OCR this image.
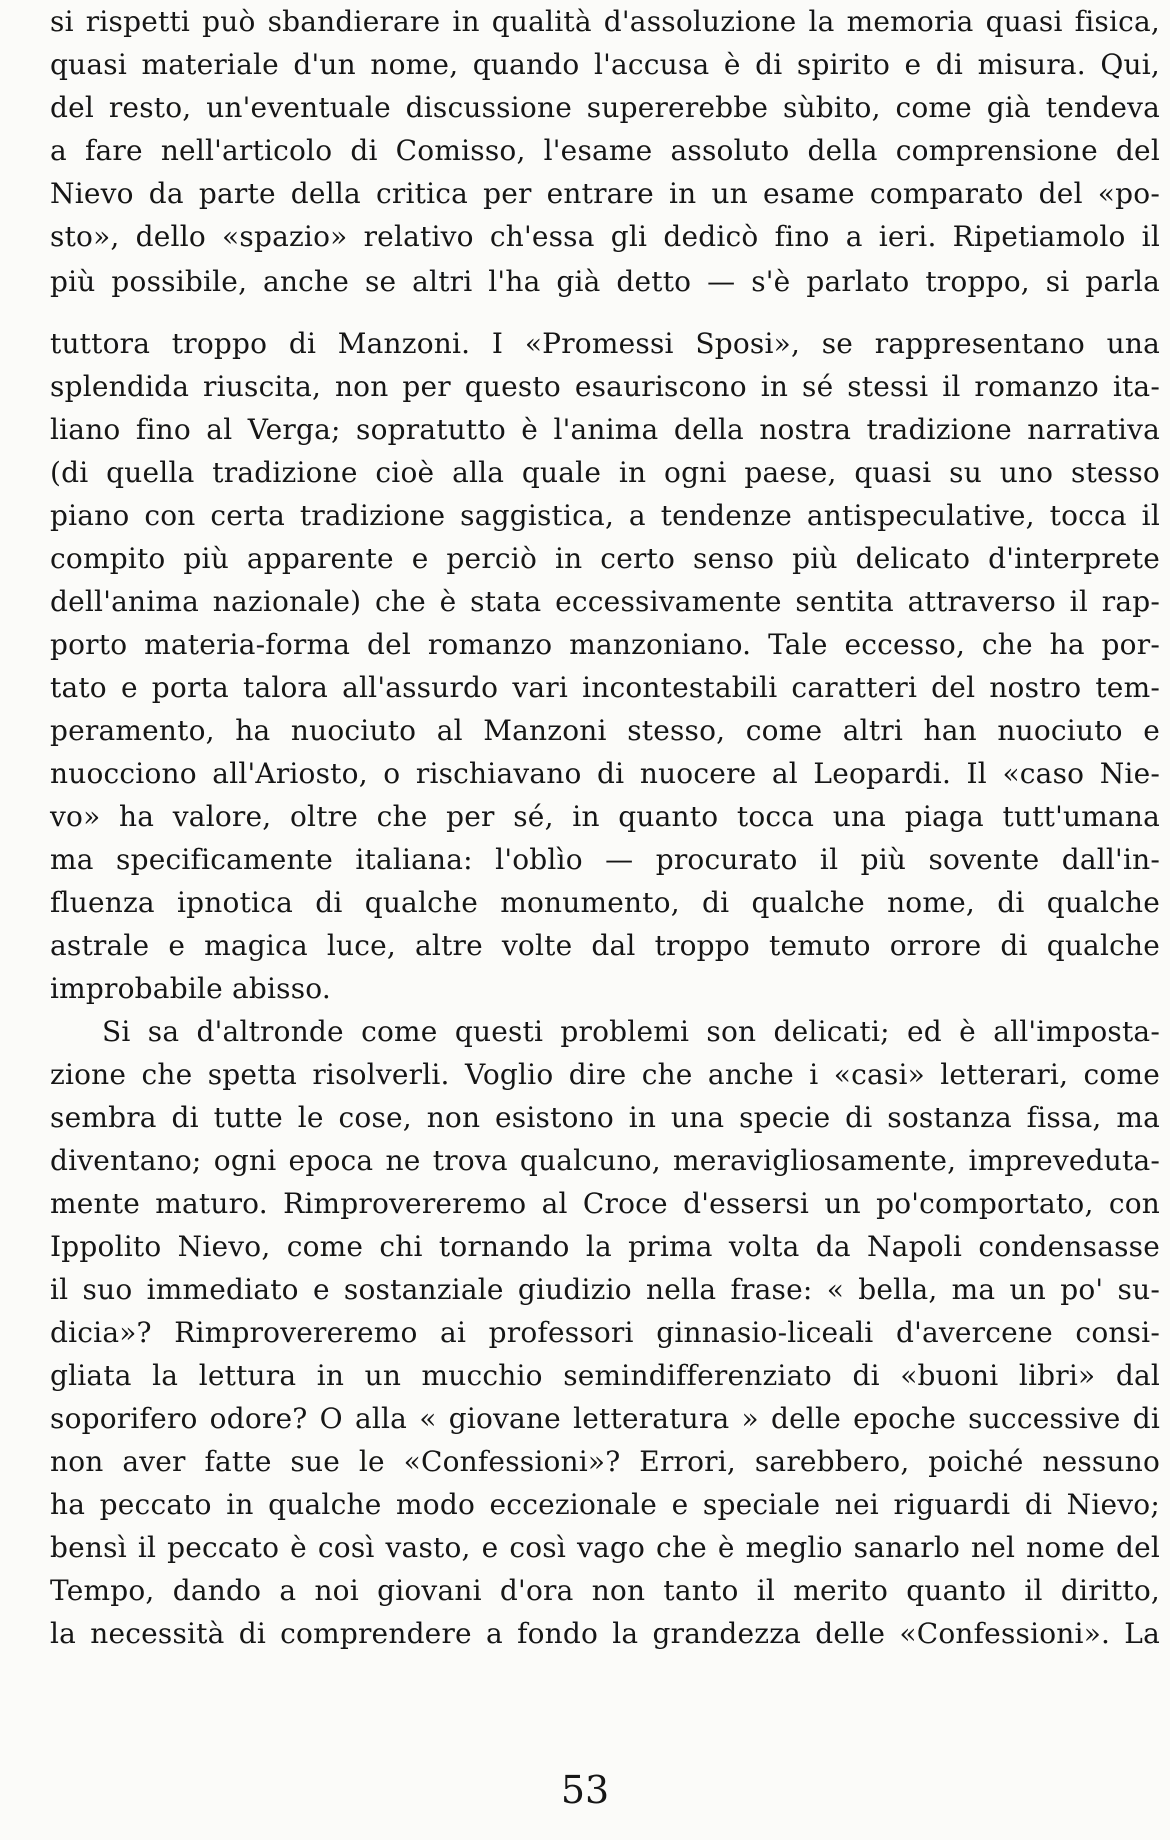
si rispetti può sbandierare in qualità d'assoluzione la memoria quasi fisica,
quasi materiale d'un nome, quando l'accusa è di spirito e di misura. Qui,
del resto, un'eventuale discussione supererebbe sùbito, come già tendeva
a fare nell'articolo di Comisso, l'esame assoluto della comprensione del
Nievo da parte della critica per entrare in un esame comparato del «po-
sto», dello «spazio» relativo ch'essa gli dedicò fino a ieri. Ripetiamolo il
più possibile, anche se altri l'ha già detto — s'è parlato troppo, si parla
tuttora troppo di Manzoni. I «Promessi Sposi», se rappresentano una
splendida riuscita, non per questo esauriscono in sé stessi il romanzo ita-
liano fino al Verga; sopratutto è l'anima della nostra tradizione narrativa
(di quella tradizione cioè alla quale in ogni paese, quasi su uno stesso
piano con certa tradizione saggistica, a tendenze antispeculative, tocca il
compito più apparente e perciò in certo senso più delicato d'interprete
dell'anima nazionale) che è stata eccessivamente sentita attraverso il rap-
porto materia-forma del romanzo manzoniano. Tale eccesso, che ha por-
tato e porta talora all'assurdo vari incontestabili caratteri del nostro tem-
peramento, ha nuociuto al Manzoni stesso, come altri han nuociuto e
nuocciono all'Ariosto, o rischiavano di nuocere al Leopardi. Il «caso Nie-
vo» ha valore, oltre che per sé, in quanto tocca una piaga tutt'umana
ma specificamente italiana: l'oblìo — procurato il più sovente dall'in-
fluenza ipnotica di qualche monumento, di qualche nome, di qualche
astrale e magica luce, altre volte dal troppo temuto orrore di qualche
improbabile abisso.
Si sa d'altronde come questi problemi son delicati; ed è all'imposta-
zione che spetta risolverli. Voglio dire che anche i «casi» letterari, come
sembra di tutte le cose, non esistono in una specie di sostanza fissa, ma
diventano; ogni epoca ne trova qualcuno, meravigliosamente, impreveduta-
mente maturo. Rimprovereremo al Croce d'essersi un po'comportato, con
Ippolito Nievo, come chi tornando la prima volta da Napoli condensasse
il suo immediato e sostanziale giudizio nella frase: « bella, ma un po' su-
dicia»? Rimprovereremo ai professori ginnasio-liceali d'avercene consi-
gliata la lettura in un mucchio semindifferenziato di «buoni libri» dal
soporifero odore? O alla « giovane letteratura » delle epoche successive di
non aver fatte sue le «Confessioni»? Errori, sarebbero, poiché nessuno
ha peccato in qualche modo eccezionale e speciale nei riguardi di Nievo;
bensì il peccato è così vasto, e così vago che è meglio sanarlo nel nome del
Tempo, dando a noi giovani d'ora non tanto il merito quanto il diritto,
la necessità di comprendere a fondo la grandezza delle «Confessioni». La
53
